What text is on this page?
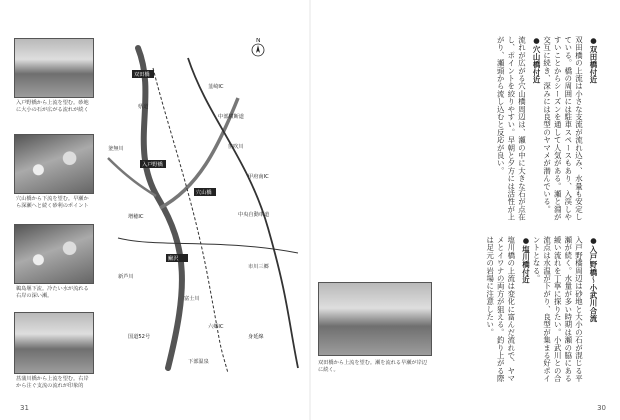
入戸野橋から上流を望む。砂地に大小の石が広がる流れが続く
穴山橋から下流を望む。早瀬から深瀬へと続く砂利のポイント
鵜島堰下流。冷たい水が流れる右岸の深い瀬。
菖蒲川橋から上流を望む。右岸から注ぐ支流の流れが印象的
N
双田橋
入戸野橋
穴山橋
鰍沢
韮崎IC
中部横断道
笛吹川
釜無川
甲府南IC
増穂IC	中央自動車道
市川三郷
富士川
新芦川
六郷IC
身延線
国道52号
県道
下部温泉
31

●双田橋付近
双田橋の上流は小さな支流が流れ込み、水量も安定している。橋の周囲には駐車スペースもあり、入渓しやすいことからシーズンを通して人気がある。瀬と淵が交互に続き、深みには良型のヤマメが潜んでいる。

●穴山橋付近
流れが広がる穴山橋周辺は、瀬の中に大きな石が点在し、ポイントを絞りやすい。早朝と夕方には活性が上がり、瀬頭から流し込むと反応が良い。

●入戸野橋〜小武川合流
入戸野橋周辺は砂地と大小の石が混じる平瀬が続く。水量が多い時期は瀬の脇にある緩い流れを丁寧に探りたい。小武川との合流点は水温が下がり、良型が集まる好ポイントとなる。

●塩川橋付近
塩川橋の上流は変化に富んだ流れで、ヤマメとイワナの両方が狙える。釣り上がる際は足元の岩場に注意したい。

双田橋から上流を望む。瀬を流れる早瀬が岸辺に続く。
30
